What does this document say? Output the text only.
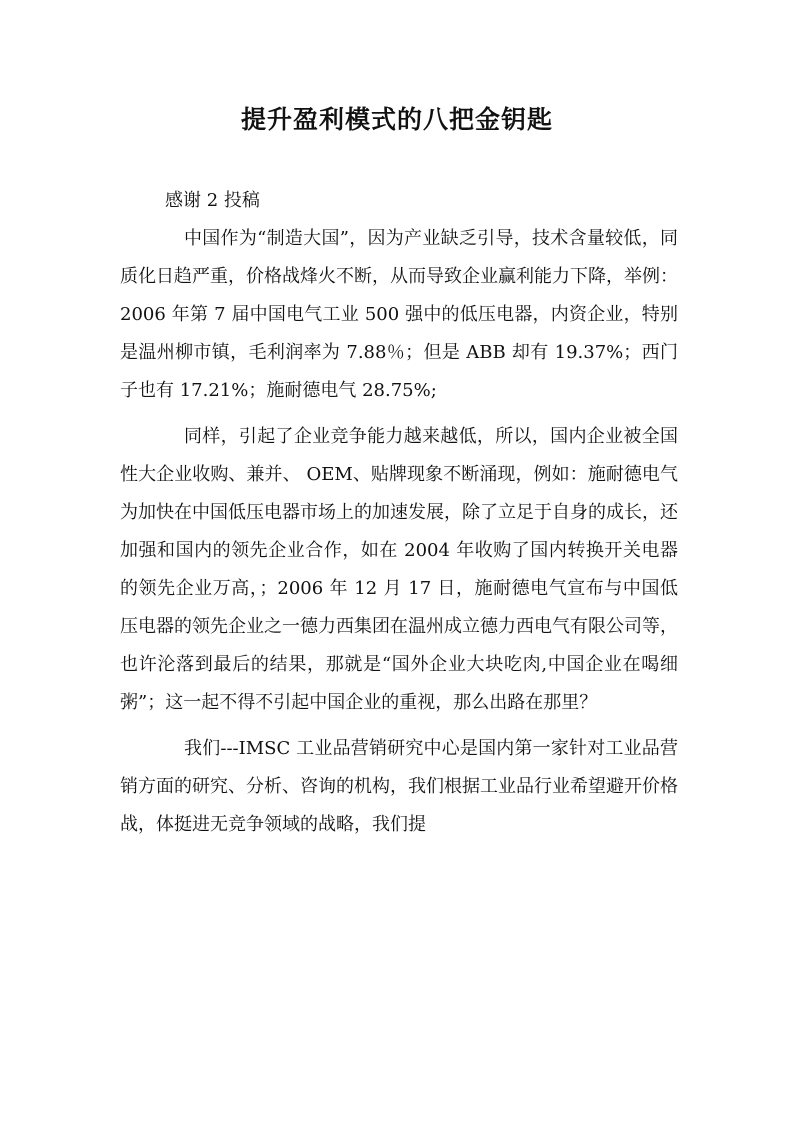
提升盈利模式的八把金钥匙

感谢 2 投稿

中国作为“制造大国”，因为产业缺乏引导，技术含量较低，同质化日趋严重，价格战烽火不断，从而导致企业赢利能力下降，举例：2006 年第 7 届中国电气工业 500 强中的低压电器，内资企业，特别是温州柳市镇，毛利润率为 7.88％；但是 ABB 却有 19.37%；西门子也有 17.21%；施耐德电气 28.75%;

同样，引起了企业竞争能力越来越低，所以，国内企业被全国性大企业收购、兼并、 OEM、贴牌现象不断涌现，例如：施耐德电气为加快在中国低压电器市场上的加速发展，除了立足于自身的成长，还加强和国内的领先企业合作，如在 2004 年收购了国内转换开关电器的领先企业万高，；2006 年 12 月 17 日，施耐德电气宣布与中国低压电器的领先企业之一德力西集团在温州成立德力西电气有限公司等，也许沦落到最后的结果，那就是“国外企业大块吃肉,中国企业在喝细粥”；这一起不得不引起中国企业的重视，那么出路在那里？

我们---IMSC 工业品营销研究中心是国内第一家针对工业品营销方面的研究、分析、咨询的机构，我们根据工业品行业希望避开价格战，体挺进无竞争领域的战略，我们提
